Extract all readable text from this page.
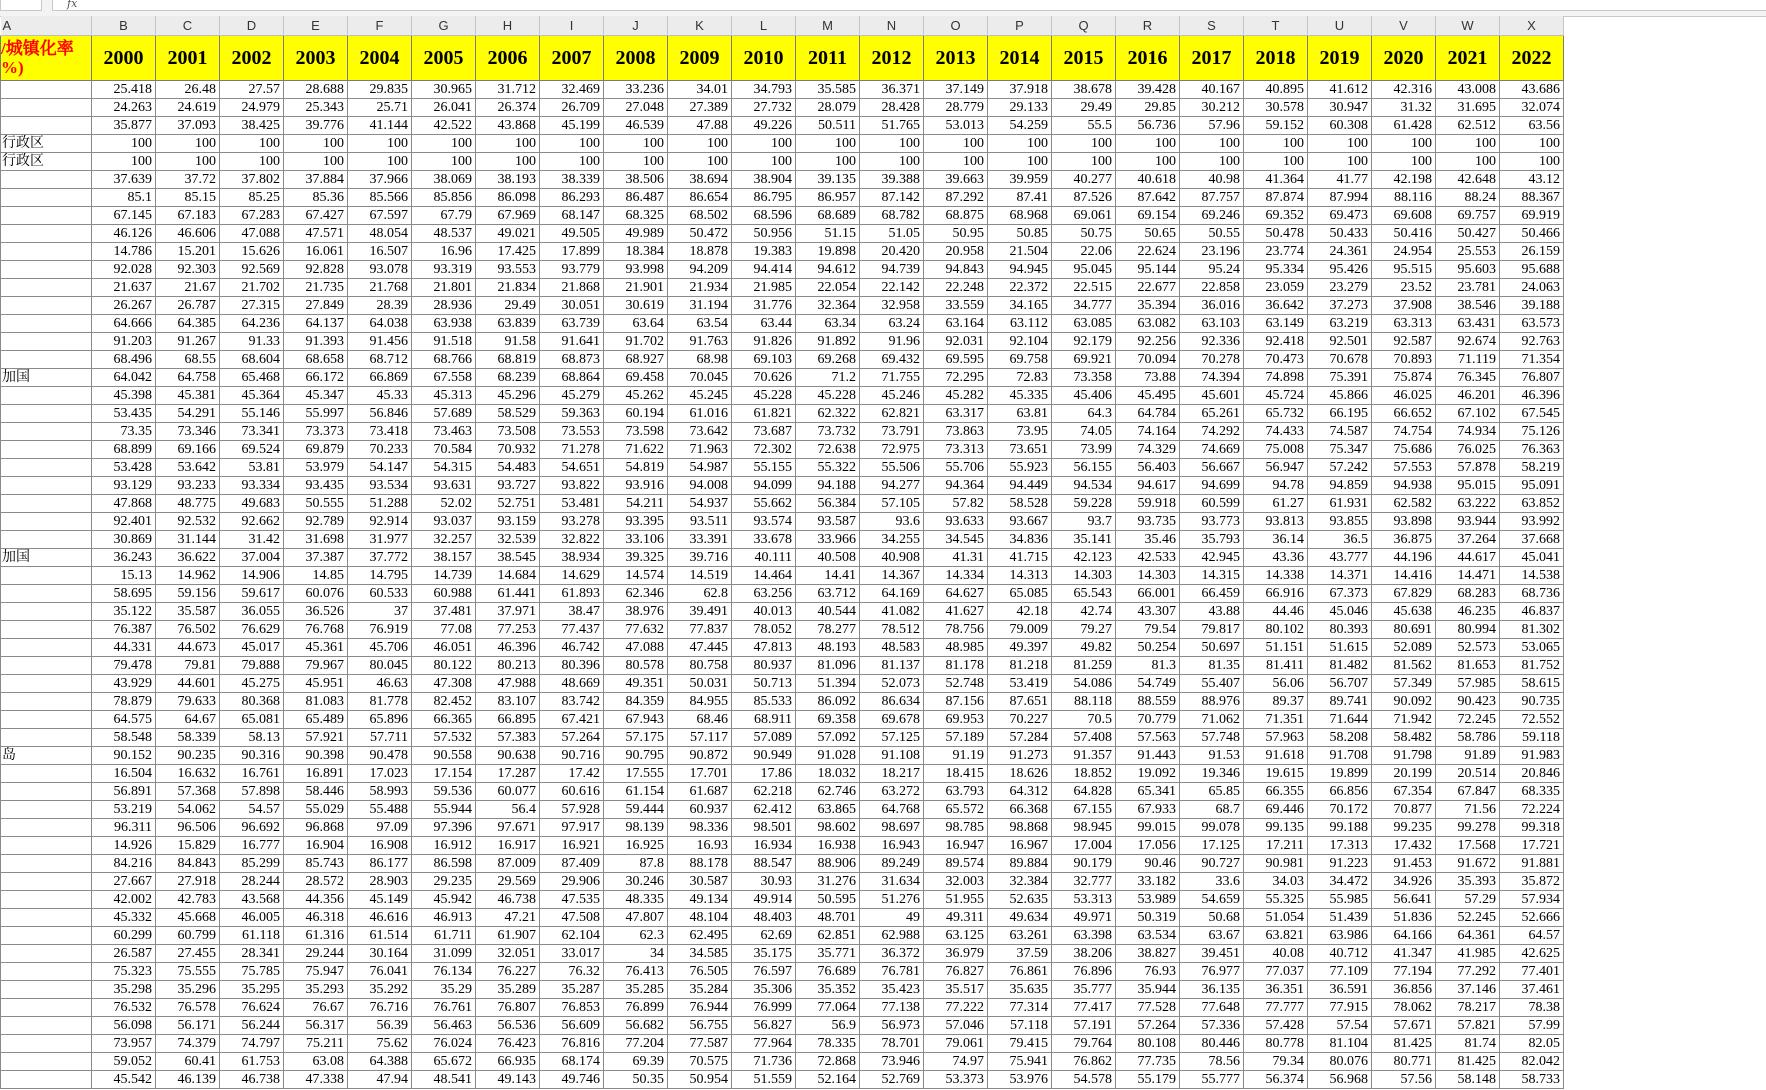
fx
A	B	C	D	E	F	G	H	I	J	K	L	M	N	O	P	Q	R	S	T	U	V	W	X
/城镇化率 %)	2000	2001	2002	2003	2004	2005	2006	2007	2008	2009	2010	2011	2012	2013	2014	2015	2016	2017	2018	2019	2020	2021	2022
	25.418	26.48	27.57	28.688	29.835	30.965	31.712	32.469	33.236	34.01	34.793	35.585	36.371	37.149	37.918	38.678	39.428	40.167	40.895	41.612	42.316	43.008	43.686
	24.263	24.619	24.979	25.343	25.71	26.041	26.374	26.709	27.048	27.389	27.732	28.079	28.428	28.779	29.133	29.49	29.85	30.212	30.578	30.947	31.32	31.695	32.074
	35.877	37.093	38.425	39.776	41.144	42.522	43.868	45.199	46.539	47.88	49.226	50.511	51.765	53.013	54.259	55.5	56.736	57.96	59.152	60.308	61.428	62.512	63.56
行政区	100	100	100	100	100	100	100	100	100	100	100	100	100	100	100	100	100	100	100	100	100	100	100
行政区	100	100	100	100	100	100	100	100	100	100	100	100	100	100	100	100	100	100	100	100	100	100	100
	37.639	37.72	37.802	37.884	37.966	38.069	38.193	38.339	38.506	38.694	38.904	39.135	39.388	39.663	39.959	40.277	40.618	40.98	41.364	41.77	42.198	42.648	43.12
	85.1	85.15	85.25	85.36	85.566	85.856	86.098	86.293	86.487	86.654	86.795	86.957	87.142	87.292	87.41	87.526	87.642	87.757	87.874	87.994	88.116	88.24	88.367
	67.145	67.183	67.283	67.427	67.597	67.79	67.969	68.147	68.325	68.502	68.596	68.689	68.782	68.875	68.968	69.061	69.154	69.246	69.352	69.473	69.608	69.757	69.919
	46.126	46.606	47.088	47.571	48.054	48.537	49.021	49.505	49.989	50.472	50.956	51.15	51.05	50.95	50.85	50.75	50.65	50.55	50.478	50.433	50.416	50.427	50.466
	14.786	15.201	15.626	16.061	16.507	16.96	17.425	17.899	18.384	18.878	19.383	19.898	20.420	20.958	21.504	22.06	22.624	23.196	23.774	24.361	24.954	25.553	26.159
	92.028	92.303	92.569	92.828	93.078	93.319	93.553	93.779	93.998	94.209	94.414	94.612	94.739	94.843	94.945	95.045	95.144	95.24	95.334	95.426	95.515	95.603	95.688
	21.637	21.67	21.702	21.735	21.768	21.801	21.834	21.868	21.901	21.934	21.985	22.054	22.142	22.248	22.372	22.515	22.677	22.858	23.059	23.279	23.52	23.781	24.063
	26.267	26.787	27.315	27.849	28.39	28.936	29.49	30.051	30.619	31.194	31.776	32.364	32.958	33.559	34.165	34.777	35.394	36.016	36.642	37.273	37.908	38.546	39.188
	64.666	64.385	64.236	64.137	64.038	63.938	63.839	63.739	63.64	63.54	63.44	63.34	63.24	63.164	63.112	63.085	63.082	63.103	63.149	63.219	63.313	63.431	63.573
	91.203	91.267	91.33	91.393	91.456	91.518	91.58	91.641	91.702	91.763	91.826	91.892	91.96	92.031	92.104	92.179	92.256	92.336	92.418	92.501	92.587	92.674	92.763
	68.496	68.55	68.604	68.658	68.712	68.766	68.819	68.873	68.927	68.98	69.103	69.268	69.432	69.595	69.758	69.921	70.094	70.278	70.473	70.678	70.893	71.119	71.354
加国	64.042	64.758	65.468	66.172	66.869	67.558	68.239	68.864	69.458	70.045	70.626	71.2	71.755	72.295	72.83	73.358	73.88	74.394	74.898	75.391	75.874	76.345	76.807
	45.398	45.381	45.364	45.347	45.33	45.313	45.296	45.279	45.262	45.245	45.228	45.228	45.246	45.282	45.335	45.406	45.495	45.601	45.724	45.866	46.025	46.201	46.396
	53.435	54.291	55.146	55.997	56.846	57.689	58.529	59.363	60.194	61.016	61.821	62.322	62.821	63.317	63.81	64.3	64.784	65.261	65.732	66.195	66.652	67.102	67.545
	73.35	73.346	73.341	73.373	73.418	73.463	73.508	73.553	73.598	73.642	73.687	73.732	73.791	73.863	73.95	74.05	74.164	74.292	74.433	74.587	74.754	74.934	75.126
	68.899	69.166	69.524	69.879	70.233	70.584	70.932	71.278	71.622	71.963	72.302	72.638	72.975	73.313	73.651	73.99	74.329	74.669	75.008	75.347	75.686	76.025	76.363
	53.428	53.642	53.81	53.979	54.147	54.315	54.483	54.651	54.819	54.987	55.155	55.322	55.506	55.706	55.923	56.155	56.403	56.667	56.947	57.242	57.553	57.878	58.219
	93.129	93.233	93.334	93.435	93.534	93.631	93.727	93.822	93.916	94.008	94.099	94.188	94.277	94.364	94.449	94.534	94.617	94.699	94.78	94.859	94.938	95.015	95.091
	47.868	48.775	49.683	50.555	51.288	52.02	52.751	53.481	54.211	54.937	55.662	56.384	57.105	57.82	58.528	59.228	59.918	60.599	61.27	61.931	62.582	63.222	63.852
	92.401	92.532	92.662	92.789	92.914	93.037	93.159	93.278	93.395	93.511	93.574	93.587	93.6	93.633	93.667	93.7	93.735	93.773	93.813	93.855	93.898	93.944	93.992
	30.869	31.144	31.42	31.698	31.977	32.257	32.539	32.822	33.106	33.391	33.678	33.966	34.255	34.545	34.836	35.141	35.46	35.793	36.14	36.5	36.875	37.264	37.668
加国	36.243	36.622	37.004	37.387	37.772	38.157	38.545	38.934	39.325	39.716	40.111	40.508	40.908	41.31	41.715	42.123	42.533	42.945	43.36	43.777	44.196	44.617	45.041
	15.13	14.962	14.906	14.85	14.795	14.739	14.684	14.629	14.574	14.519	14.464	14.41	14.367	14.334	14.313	14.303	14.303	14.315	14.338	14.371	14.416	14.471	14.538
	58.695	59.156	59.617	60.076	60.533	60.988	61.441	61.893	62.346	62.8	63.256	63.712	64.169	64.627	65.085	65.543	66.001	66.459	66.916	67.373	67.829	68.283	68.736
	35.122	35.587	36.055	36.526	37	37.481	37.971	38.47	38.976	39.491	40.013	40.544	41.082	41.627	42.18	42.74	43.307	43.88	44.46	45.046	45.638	46.235	46.837
	76.387	76.502	76.629	76.768	76.919	77.08	77.253	77.437	77.632	77.837	78.052	78.277	78.512	78.756	79.009	79.27	79.54	79.817	80.102	80.393	80.691	80.994	81.302
	44.331	44.673	45.017	45.361	45.706	46.051	46.396	46.742	47.088	47.445	47.813	48.193	48.583	48.985	49.397	49.82	50.254	50.697	51.151	51.615	52.089	52.573	53.065
	79.478	79.81	79.888	79.967	80.045	80.122	80.213	80.396	80.578	80.758	80.937	81.096	81.137	81.178	81.218	81.259	81.3	81.35	81.411	81.482	81.562	81.653	81.752
	43.929	44.601	45.275	45.951	46.63	47.308	47.988	48.669	49.351	50.031	50.713	51.394	52.073	52.748	53.419	54.086	54.749	55.407	56.06	56.707	57.349	57.985	58.615
	78.879	79.633	80.368	81.083	81.778	82.452	83.107	83.742	84.359	84.955	85.533	86.092	86.634	87.156	87.651	88.118	88.559	88.976	89.37	89.741	90.092	90.423	90.735
	64.575	64.67	65.081	65.489	65.896	66.365	66.895	67.421	67.943	68.46	68.911	69.358	69.678	69.953	70.227	70.5	70.779	71.062	71.351	71.644	71.942	72.245	72.552
	58.548	58.339	58.13	57.921	57.711	57.532	57.383	57.264	57.175	57.117	57.089	57.092	57.125	57.189	57.284	57.408	57.563	57.748	57.963	58.208	58.482	58.786	59.118
岛	90.152	90.235	90.316	90.398	90.478	90.558	90.638	90.716	90.795	90.872	90.949	91.028	91.108	91.19	91.273	91.357	91.443	91.53	91.618	91.708	91.798	91.89	91.983
	16.504	16.632	16.761	16.891	17.023	17.154	17.287	17.42	17.555	17.701	17.86	18.032	18.217	18.415	18.626	18.852	19.092	19.346	19.615	19.899	20.199	20.514	20.846
	56.891	57.368	57.898	58.446	58.993	59.536	60.077	60.616	61.154	61.687	62.218	62.746	63.272	63.793	64.312	64.828	65.341	65.85	66.355	66.856	67.354	67.847	68.335
	53.219	54.062	54.57	55.029	55.488	55.944	56.4	57.928	59.444	60.937	62.412	63.865	64.768	65.572	66.368	67.155	67.933	68.7	69.446	70.172	70.877	71.56	72.224
	96.311	96.506	96.692	96.868	97.09	97.396	97.671	97.917	98.139	98.336	98.501	98.602	98.697	98.785	98.868	98.945	99.015	99.078	99.135	99.188	99.235	99.278	99.318
	14.926	15.829	16.777	16.904	16.908	16.912	16.917	16.921	16.925	16.93	16.934	16.938	16.943	16.947	16.967	17.004	17.056	17.125	17.211	17.313	17.432	17.568	17.721
	84.216	84.843	85.299	85.743	86.177	86.598	87.009	87.409	87.8	88.178	88.547	88.906	89.249	89.574	89.884	90.179	90.46	90.727	90.981	91.223	91.453	91.672	91.881
	27.667	27.918	28.244	28.572	28.903	29.235	29.569	29.906	30.246	30.587	30.93	31.276	31.634	32.003	32.384	32.777	33.182	33.6	34.03	34.472	34.926	35.393	35.872
	42.002	42.783	43.568	44.356	45.149	45.942	46.738	47.535	48.335	49.134	49.914	50.595	51.276	51.955	52.635	53.313	53.989	54.659	55.325	55.985	56.641	57.29	57.934
	45.332	45.668	46.005	46.318	46.616	46.913	47.21	47.508	47.807	48.104	48.403	48.701	49	49.311	49.634	49.971	50.319	50.68	51.054	51.439	51.836	52.245	52.666
	60.299	60.799	61.118	61.316	61.514	61.711	61.907	62.104	62.3	62.495	62.69	62.851	62.988	63.125	63.261	63.398	63.534	63.67	63.821	63.986	64.166	64.361	64.57
	26.587	27.455	28.341	29.244	30.164	31.099	32.051	33.017	34	34.585	35.175	35.771	36.372	36.979	37.59	38.206	38.827	39.451	40.08	40.712	41.347	41.985	42.625
	75.323	75.555	75.785	75.947	76.041	76.134	76.227	76.32	76.413	76.505	76.597	76.689	76.781	76.827	76.861	76.896	76.93	76.977	77.037	77.109	77.194	77.292	77.401
	35.298	35.296	35.295	35.293	35.292	35.29	35.289	35.287	35.285	35.284	35.306	35.352	35.423	35.517	35.635	35.777	35.944	36.135	36.351	36.591	36.856	37.146	37.461
	76.532	76.578	76.624	76.67	76.716	76.761	76.807	76.853	76.899	76.944	76.999	77.064	77.138	77.222	77.314	77.417	77.528	77.648	77.777	77.915	78.062	78.217	78.38
	56.098	56.171	56.244	56.317	56.39	56.463	56.536	56.609	56.682	56.755	56.827	56.9	56.973	57.046	57.118	57.191	57.264	57.336	57.428	57.54	57.671	57.821	57.99
	73.957	74.379	74.797	75.211	75.62	76.024	76.423	76.816	77.204	77.587	77.964	78.335	78.701	79.061	79.415	79.764	80.108	80.446	80.778	81.104	81.425	81.74	82.05
	59.052	60.41	61.753	63.08	64.388	65.672	66.935	68.174	69.39	70.575	71.736	72.868	73.946	74.97	75.941	76.862	77.735	78.56	79.34	80.076	80.771	81.425	82.042
	45.542	46.139	46.738	47.338	47.94	48.541	49.143	49.746	50.35	50.954	51.559	52.164	52.769	53.373	53.976	54.578	55.179	55.777	56.374	56.968	57.56	58.148	58.733
